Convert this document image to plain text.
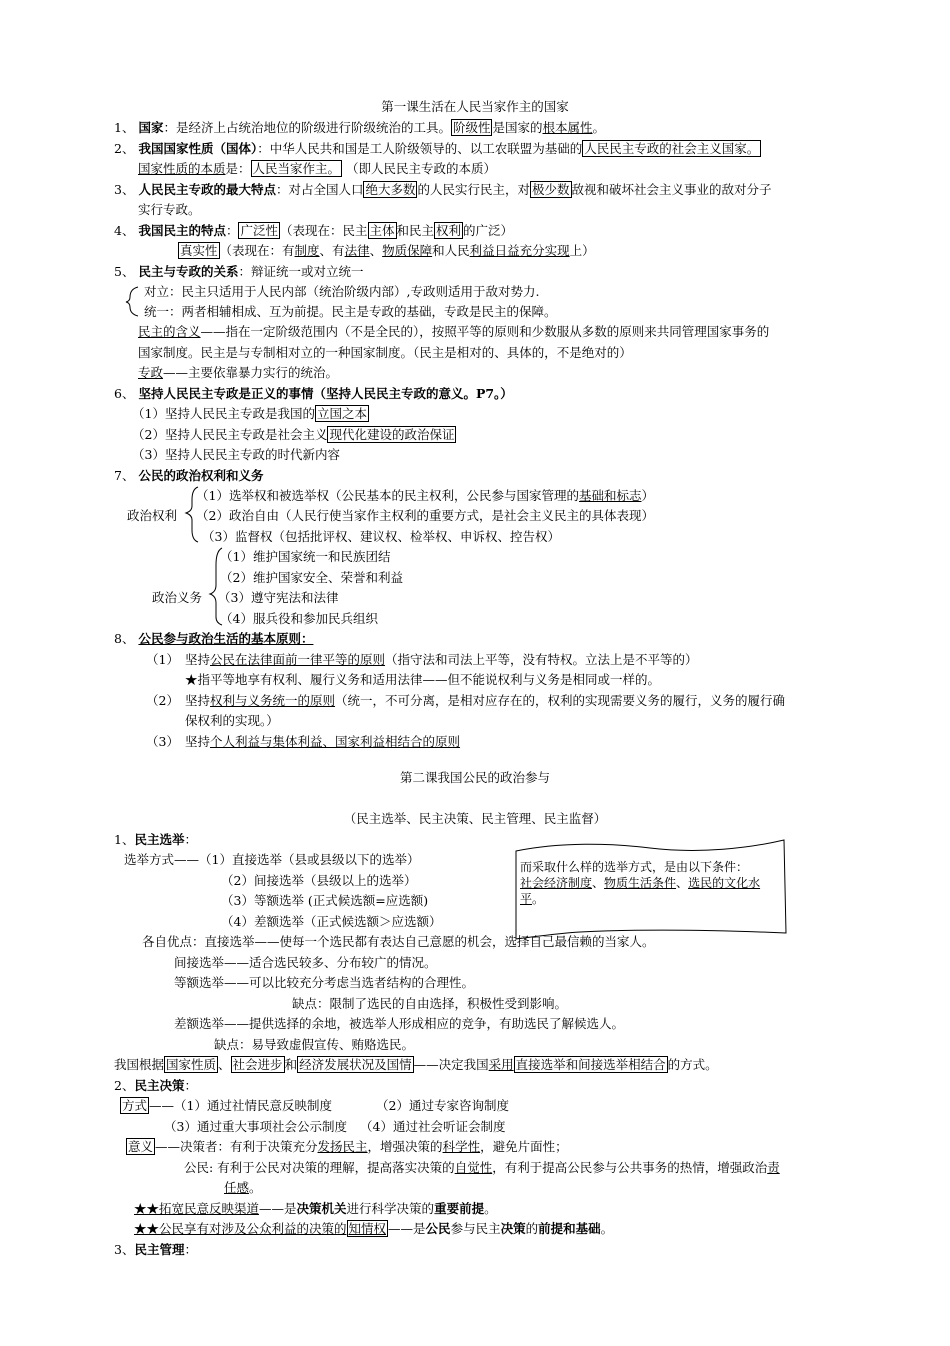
第一课生活在人民当家作主的国家
1、 国家：是经济上占统治地位的阶级进行阶级统治的工具。 阶级性 是国家的根本属性。
2、 我国国家性质（国体）：中华人民共和国是工人阶级领导的、以工农联盟为基础的 人民民主专政的社会主义国家。
国家性质的本质是： 人民当家作主。 （即人民民主专政的本质）
3、 人民民主专政的最大特点：对占全国人口 绝大多数 的人民实行民主，对 极少数 敌视和破坏社会主义事业的敌对分子
实行专政。
4、 我国民主的特点： 广泛性 （表现在：民主 主体 和民主 权利 的广泛）
真实性 （表现在：有制度、有法律、物质保障和人民利益日益充分实现上）
5、 民主与专政的关系：辩证统一或对立统一
对立：民主只适用于人民内部（统治阶级内部）,专政则适用于敌对势力.
统一：两者相辅相成、互为前提。民主是专政的基础，专政是民主的保障。
民主的含义——指在一定阶级范围内（不是全民的），按照平等的原则和少数服从多数的原则来共同管理国家事务的
国家制度。民主是与专制相对立的一种国家制度。（民主是相对的、具体的，不是绝对的）
专政——主要依靠暴力实行的统治。
6、 坚持人民民主专政是正义的事情（坚持人民民主专政的意义。P7。）
（1）坚持人民民主专政是我国的 立国之本
（2）坚持人民民主专政是社会主义 现代化建设的政治保证
（3）坚持人民民主专政的时代新内容
7、 公民的政治权利和义务
（1）选举权和被选举权（公民基本的民主权利，公民参与国家管理的基础和标志）
政治权利 （2）政治自由（人民行使当家作主权利的重要方式，是社会主义民主的具体表现）
（3）监督权（包括批评权、建议权、检举权、申诉权、控告权）
（1）维护国家统一和民族团结
（2）维护国家安全、荣誉和利益
政治义务 （3）遵守宪法和法律
（4）服兵役和参加民兵组织
8、 公民参与政治生活的基本原则：
（1） 坚持公民在法律面前一律平等的原则（指守法和司法上平等，没有特权。立法上是不平等的）
★指平等地享有权利、履行义务和适用法律——但不能说权利与义务是相同或一样的。
（2） 坚持权利与义务统一的原则（统一，不可分离，是相对应存在的，权利的实现需要义务的履行，义务的履行确
保权利的实现。）
（3） 坚持个人利益与集体利益、国家利益相结合的原则
第二课我国公民的政治参与
（民主选举、民主决策、民主管理、民主监督）
1、民主选举：
选举方式——（1）直接选举（县或县级以下的选举）
（2）间接选举（县级以上的选举）
（3）等额选举 (正式候选额=应选额)
（4）差额选举（正式候选额＞应选额）
而采取什么样的选举方式，是由以下条件：
社会经济制度、物质生活条件、选民的文化水平。
各自优点：直接选举——使每一个选民都有表达自己意愿的机会，选择自己最信赖的当家人。
间接选举——适合选民较多、分布较广的情况。
等额选举——可以比较充分考虑当选者结构的合理性。
缺点：限制了选民的自由选择，积极性受到影响。
差额选举——提供选择的余地，被选举人形成相应的竞争，有助选民了解候选人。
缺点：易导致虚假宣传、贿赂选民。
我国根据 国家性质 、 社会进步 和 经济发展状况及国情 ——决定我国采用 直接选举和间接选举相结合 的方式。
2、民主决策：
方式 ——（1）通过社情民意反映制度	（2）通过专家咨询制度
（3）通过重大事项社会公示制度 （4）通过社会听证会制度
意义 ——决策者：有利于决策充分发扬民主，增强决策的科学性，避免片面性；
公民: 有利于公民对决策的理解，提高落实决策的自觉性，有利于提高公民参与公共事务的热情，增强政治责
任感。
★★拓宽民意反映渠道——是决策机关进行科学决策的重要前提。
★★公民享有对涉及公众利益的决策的 知情权 ——是公民参与民主决策的前提和基础。
3、民主管理：
